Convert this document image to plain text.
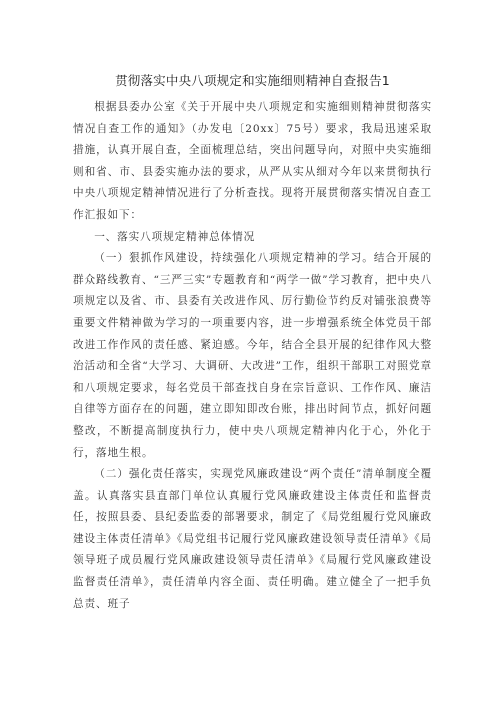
贯彻落实中央八项规定和实施细则精神自查报告1

根据县委办公室《关于开展中央八项规定和实施细则精神贯彻落实情况自查工作的通知》（办发电〔20xx〕75号）要求，我局迅速采取措施，认真开展自查，全面梳理总结，突出问题导向，对照中央实施细则和省、市、县委实施办法的要求，从严从实从细对今年以来贯彻执行中央八项规定精神情况进行了分析查找。现将开展贯彻落实情况自查工作汇报如下：

一、落实八项规定精神总体情况

（一）狠抓作风建设，持续强化八项规定精神的学习。结合开展的群众路线教育、“三严三实”专题教育和“两学一做”学习教育，把中央八项规定以及省、市、县委有关改进作风、厉行勤俭节约反对铺张浪费等重要文件精神做为学习的一项重要内容，进一步增强系统全体党员干部改进工作作风的责任感、紧迫感。今年，结合全县开展的纪律作风大整治活动和全省“大学习、大调研、大改进”工作，组织干部职工对照党章和八项规定要求，每名党员干部查找自身在宗旨意识、工作作风、廉洁自律等方面存在的问题，建立即知即改台账，排出时间节点，抓好问题整改，不断提高制度执行力，使中央八项规定精神内化于心，外化于行，落地生根。

（二）强化责任落实，实现党风廉政建设“两个责任”清单制度全覆盖。认真落实县直部门单位认真履行党风廉政建设主体责任和监督责任，按照县委、县纪委监委的部署要求，制定了《局党组履行党风廉政建设主体责任清单》《局党组书记履行党风廉政建设领导责任清单》《局领导班子成员履行党风廉政建设领导责任清单》《局履行党风廉政建设监督责任清单》，责任清单内容全面、责任明确。建立健全了一把手负总责、班子
